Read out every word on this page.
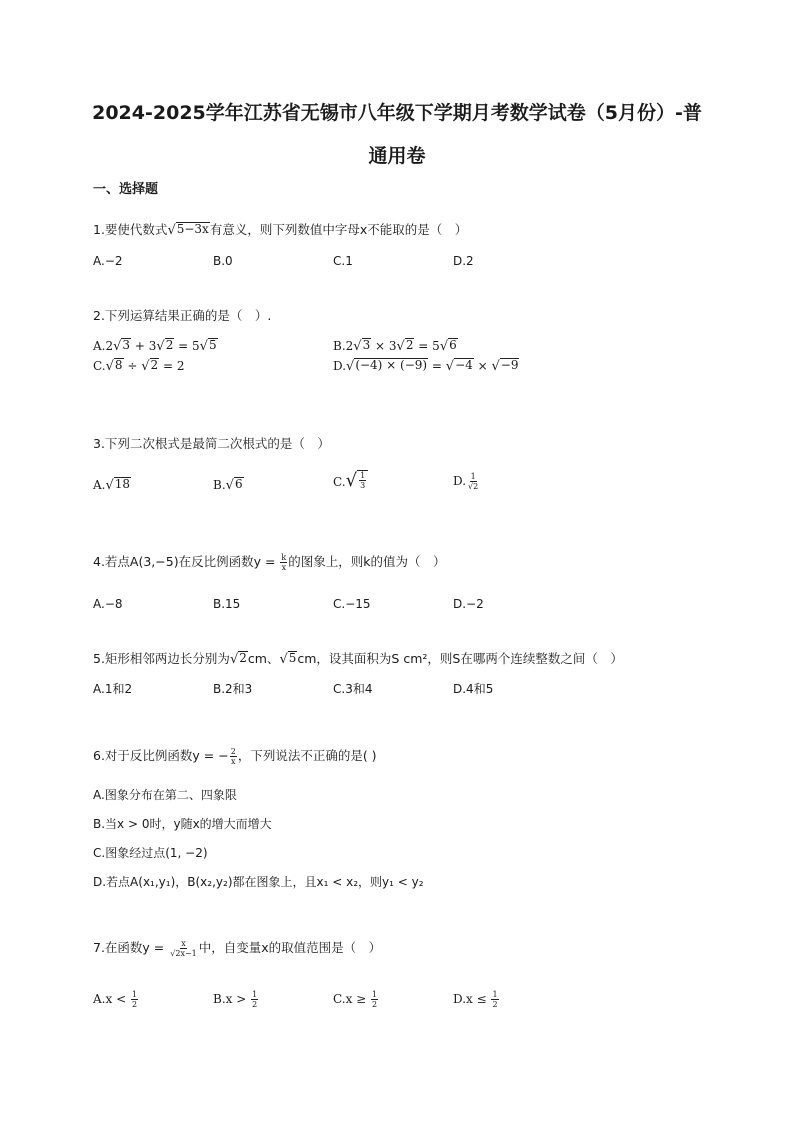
2024-2025学年江苏省无锡市八年级下学期月考数学试卷（5月份）-普
通用卷
一、选择题
1.要使代数式 √ 5−3x 有意义，则下列数值中字母x不能取的是（　）
A.−2	B.0	C.1	D.2
2.下列运算结果正确的是（　）.
A.2 √ 3 + 3 √ 2 = 5 √ 5	B.2 √ 3 × 3 √ 2 = 5 √ 6
C. √ 8 ÷ √ 2 = 2	D. √ (−4) × (−9) = √ −4 × √ −9
3.下列二次根式是最简二次根式的是（　）
A. √ 18	B. √ 6	C. √ $\frac{1}{3}$	D. $\frac{1}{√2}$
4.若点A(3,−5)在反比例函数$y = \frac{k}{x}$ 的图象上，则k的值为（　）
A.−8	B.15	C.−15	D.−2
5.矩形相邻两边长分别为 √ 2 cm、 √ 5 cm，设其面积为S cm²，则S在哪两个连续整数之间（　）
A.1和2	B.2和3	C.3和4	D.4和5
6.对于反比例函数y = − $\frac{2}{x}$ ，下列说法不正确的是( )
A.图象分布在第二、四象限
B.当x > 0时，y随x的增大而增大
C.图象经过点(1, −2)
D.若点A(x₁,y₁)，B(x₂,y₂)都在图象上，且x₁ < x₂，则y₁ < y₂
7.在函数$y = \frac{x}{√2x-1}$ 中，自变量x的取值范围是（　）
$A.x < \frac{1}{2}$	$B.x > \frac{1}{2}$	$C.x \ge \frac{1}{2}$	$D.x \le \frac{1}{2}$
